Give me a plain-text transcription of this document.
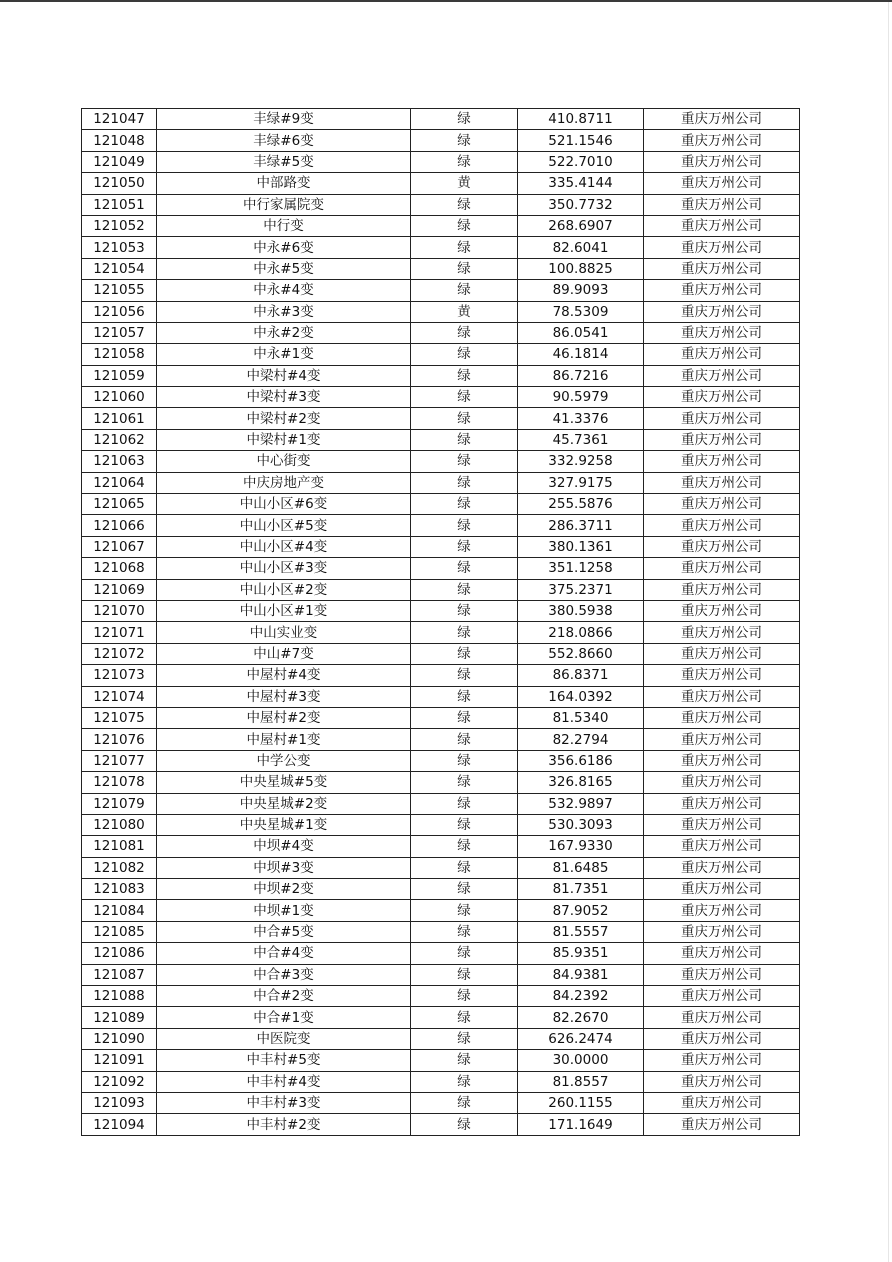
121047	丰绿#9变	绿	410.8711	重庆万州公司
121048	丰绿#6变	绿	521.1546	重庆万州公司
121049	丰绿#5变	绿	522.7010	重庆万州公司
121050	中部路变	黄	335.4144	重庆万州公司
121051	中行家属院变	绿	350.7732	重庆万州公司
121052	中行变	绿	268.6907	重庆万州公司
121053	中永#6变	绿	82.6041	重庆万州公司
121054	中永#5变	绿	100.8825	重庆万州公司
121055	中永#4变	绿	89.9093	重庆万州公司
121056	中永#3变	黄	78.5309	重庆万州公司
121057	中永#2变	绿	86.0541	重庆万州公司
121058	中永#1变	绿	46.1814	重庆万州公司
121059	中梁村#4变	绿	86.7216	重庆万州公司
121060	中梁村#3变	绿	90.5979	重庆万州公司
121061	中梁村#2变	绿	41.3376	重庆万州公司
121062	中梁村#1变	绿	45.7361	重庆万州公司
121063	中心街变	绿	332.9258	重庆万州公司
121064	中庆房地产变	绿	327.9175	重庆万州公司
121065	中山小区#6变	绿	255.5876	重庆万州公司
121066	中山小区#5变	绿	286.3711	重庆万州公司
121067	中山小区#4变	绿	380.1361	重庆万州公司
121068	中山小区#3变	绿	351.1258	重庆万州公司
121069	中山小区#2变	绿	375.2371	重庆万州公司
121070	中山小区#1变	绿	380.5938	重庆万州公司
121071	中山实业变	绿	218.0866	重庆万州公司
121072	中山#7变	绿	552.8660	重庆万州公司
121073	中屋村#4变	绿	86.8371	重庆万州公司
121074	中屋村#3变	绿	164.0392	重庆万州公司
121075	中屋村#2变	绿	81.5340	重庆万州公司
121076	中屋村#1变	绿	82.2794	重庆万州公司
121077	中学公变	绿	356.6186	重庆万州公司
121078	中央星城#5变	绿	326.8165	重庆万州公司
121079	中央星城#2变	绿	532.9897	重庆万州公司
121080	中央星城#1变	绿	530.3093	重庆万州公司
121081	中坝#4变	绿	167.9330	重庆万州公司
121082	中坝#3变	绿	81.6485	重庆万州公司
121083	中坝#2变	绿	81.7351	重庆万州公司
121084	中坝#1变	绿	87.9052	重庆万州公司
121085	中合#5变	绿	81.5557	重庆万州公司
121086	中合#4变	绿	85.9351	重庆万州公司
121087	中合#3变	绿	84.9381	重庆万州公司
121088	中合#2变	绿	84.2392	重庆万州公司
121089	中合#1变	绿	82.2670	重庆万州公司
121090	中医院变	绿	626.2474	重庆万州公司
121091	中丰村#5变	绿	30.0000	重庆万州公司
121092	中丰村#4变	绿	81.8557	重庆万州公司
121093	中丰村#3变	绿	260.1155	重庆万州公司
121094	中丰村#2变	绿	171.1649	重庆万州公司
